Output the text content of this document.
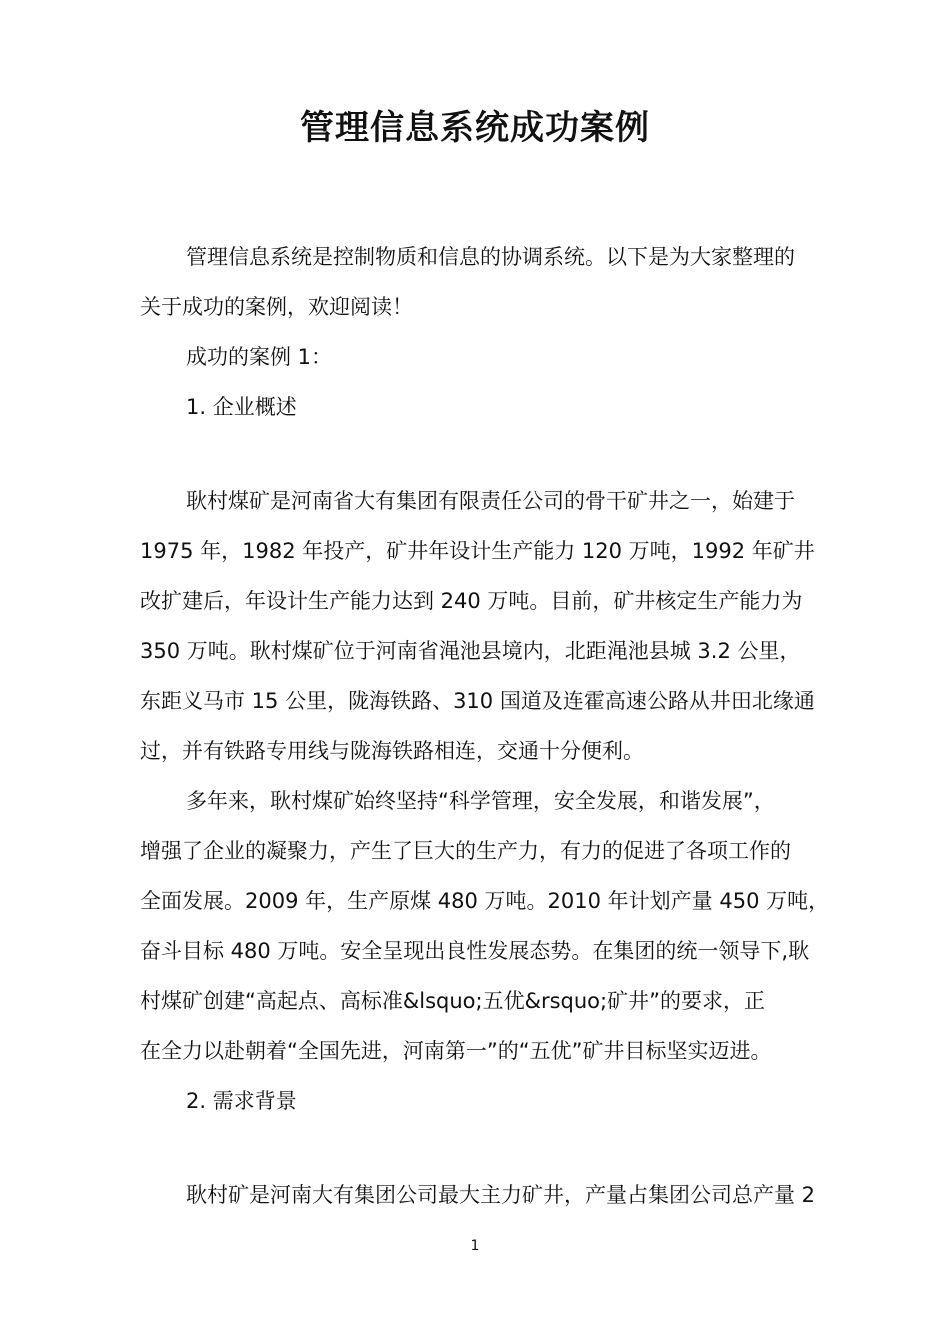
管理信息系统成功案例

管理信息系统是控制物质和信息的协调系统。以下是为大家整理的
关于成功的案例，欢迎阅读！

成功的案例 1：

1. 企业概述

耿村煤矿是河南省大有集团有限责任公司的骨干矿井之一，始建于
1975 年，1982 年投产，矿井年设计生产能力 120 万吨，1992 年矿井
改扩建后，年设计生产能力达到 240 万吨。目前，矿井核定生产能力为
350 万吨。耿村煤矿位于河南省渑池县境内，北距渑池县城 3.2 公里，
东距义马市 15 公里，陇海铁路、310 国道及连霍高速公路从井田北缘通
过，并有铁路专用线与陇海铁路相连，交通十分便利。

多年来，耿村煤矿始终坚持“科学管理，安全发展，和谐发展”，
增强了企业的凝聚力，产生了巨大的生产力，有力的促进了各项工作的
全面发展。2009 年，生产原煤 480 万吨。2010 年计划产量 450 万吨，
奋斗目标 480 万吨。安全呈现出良性发展态势。在集团的统一领导下,耿
村煤矿创建“高起点、高标准&lsquo;五优&rsquo;矿井”的要求，正
在全力以赴朝着“全国先进，河南第一”的“五优”矿井目标坚实迈进。

2. 需求背景

耿村矿是河南大有集团公司最大主力矿井，产量占集团公司总产量 2

1
